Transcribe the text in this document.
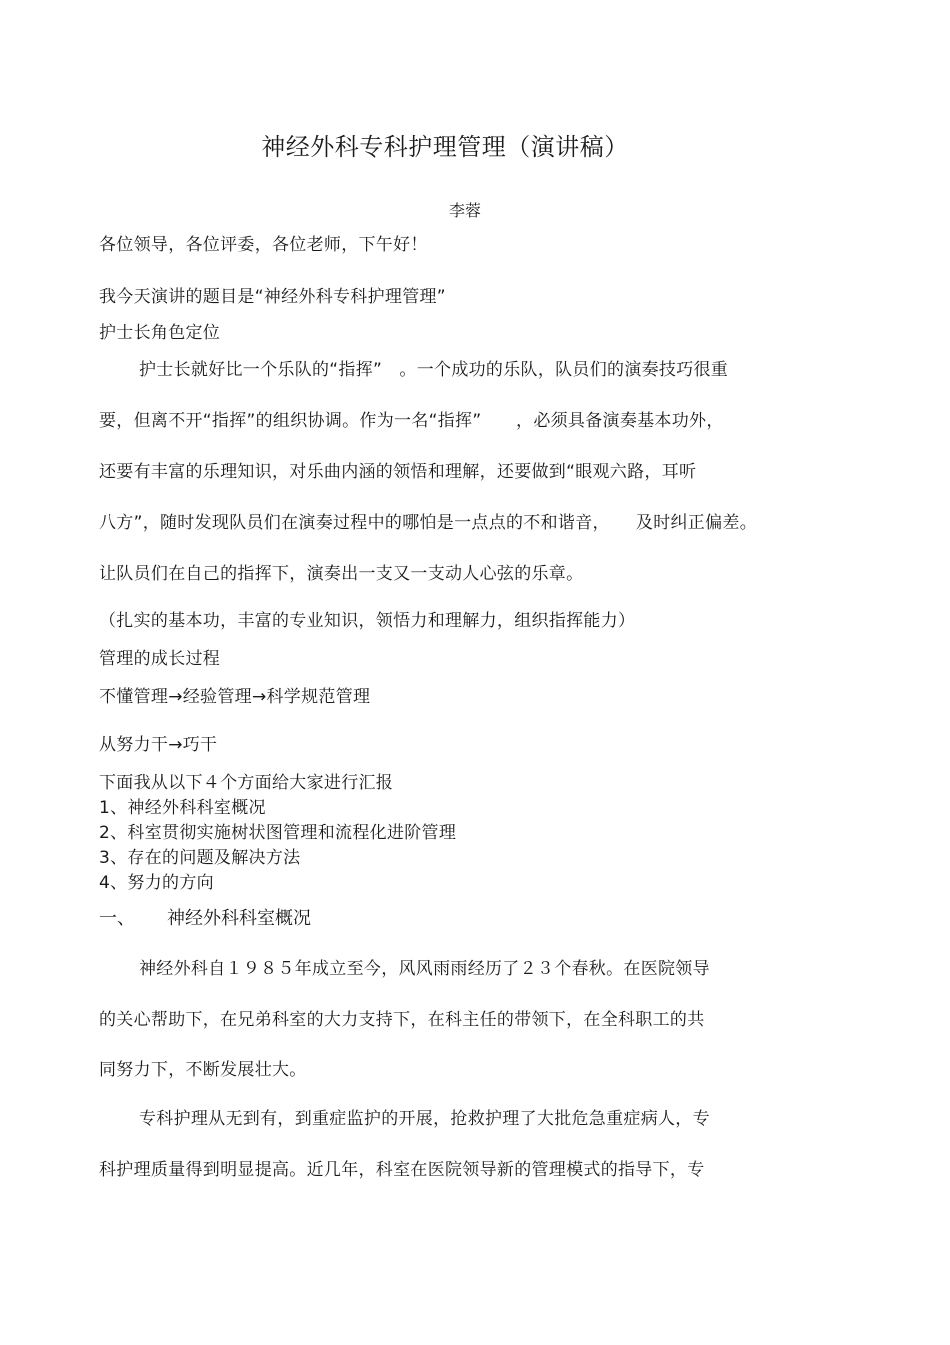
神经外科专科护理管理（演讲稿）
李蓉
各位领导，各位评委，各位老师，下午好！
我今天演讲的题目是“神经外科专科护理管理”
护士长角色定位
护士长就好比一个乐队的“指挥”　。一个成功的乐队，队员们的演奏技巧很重
要，但离不开“指挥”的组织协调。作为一名“指挥”　　，必须具备演奏基本功外，
还要有丰富的乐理知识，对乐曲内涵的领悟和理解，还要做到“眼观六路，耳听
八方”，随时发现队员们在演奏过程中的哪怕是一点点的不和谐音，　　及时纠正偏差。
让队员们在自己的指挥下，演奏出一支又一支动人心弦的乐章。
（扎实的基本功，丰富的专业知识，领悟力和理解力，组织指挥能力）
管理的成长过程
不懂管理→经验管理→科学规范管理
从努力干→巧干
下面我从以下４个方面给大家进行汇报
1、神经外科科室概况
2、科室贯彻实施树状图管理和流程化进阶管理
3、存在的问题及解决方法
4、努力的方向
一、 神经外科科室概况
神经外科自１９８５年成立至今，风风雨雨经历了２３个春秋。在医院领导
的关心帮助下，在兄弟科室的大力支持下，在科主任的带领下，在全科职工的共
同努力下，不断发展壮大。
专科护理从无到有，到重症监护的开展，抢救护理了大批危急重症病人，专
科护理质量得到明显提高。近几年，科室在医院领导新的管理模式的指导下，专
